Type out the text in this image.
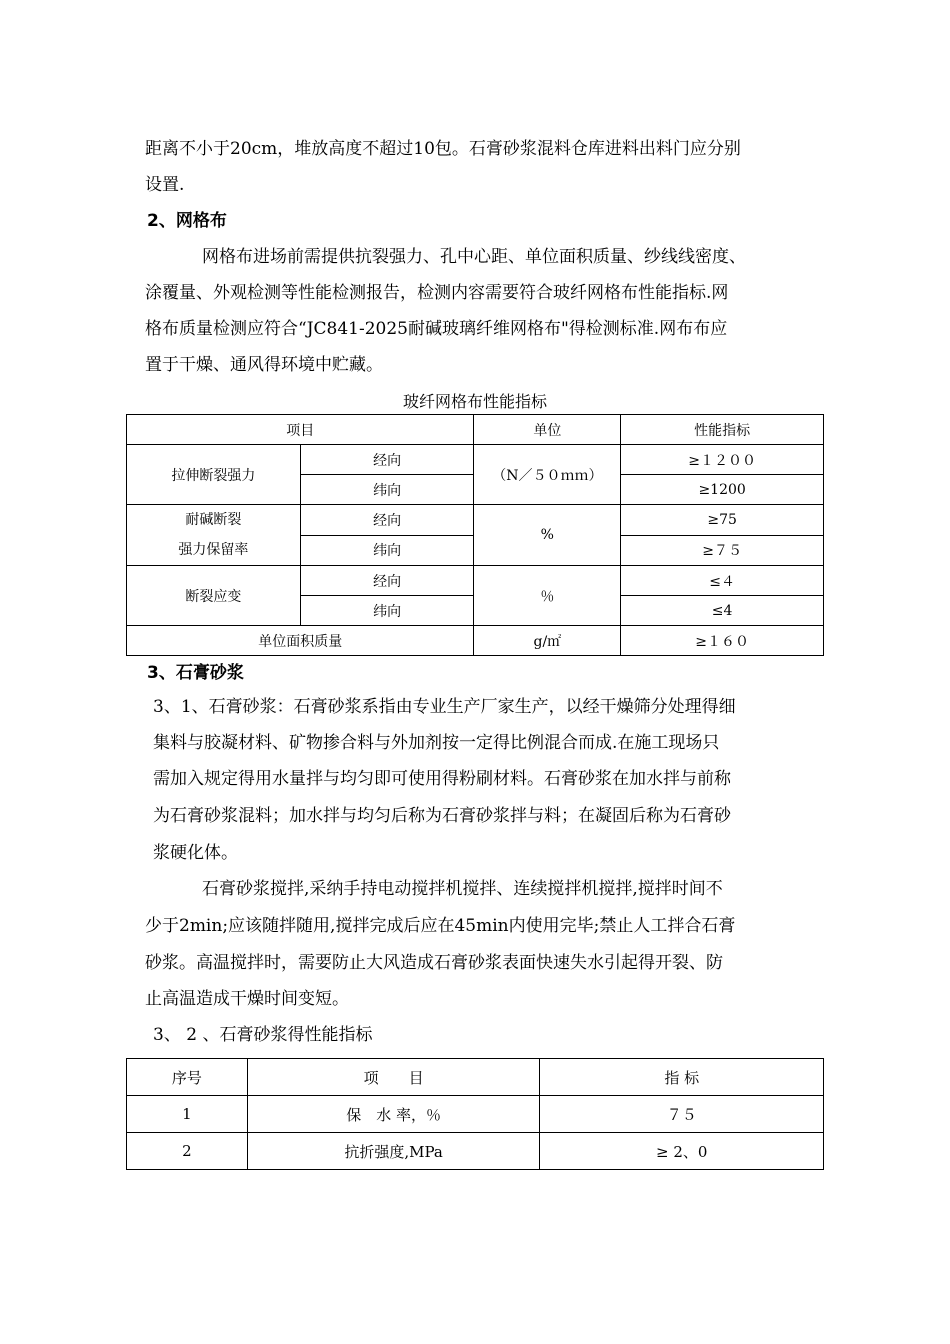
距离不小于20cm，堆放高度不超过10包。石膏砂浆混料仓库进料出料门应分别
设置.
2、网格布
网格布进场前需提供抗裂强力、孔中心距、单位面积质量、纱线线密度、
涂覆量、外观检测等性能检测报告，检测内容需要符合玻纤网格布性能指标.网
格布质量检测应符合“JC841-2025耐碱玻璃纤维网格布"得检测标准.网布布应
置于干燥、通风得环境中贮藏。
玻纤网格布性能指标
项目		单位	性能指标
拉伸断裂强力	经向	（N／５０ｍｍ）	≥１２００
	纬向		≥1200

耐碱断裂
强力保留率	经向	%	≥75
	纬向		≥７５
断裂应变	经向	％	≤４
	纬向		≤4
单位面积质量		g/㎡	≥１６０
3、石膏砂浆
3、1、石膏砂浆：石膏砂浆系指由专业生产厂家生产，以经干燥筛分处理得细
集料与胶凝材料、矿物掺合料与外加剂按一定得比例混合而成.在施工现场只
需加入规定得用水量拌与均匀即可使用得粉刷材料。石膏砂浆在加水拌与前称
为石膏砂浆混料；加水拌与均匀后称为石膏砂浆拌与料；在凝固后称为石膏砂
浆硬化体。
石膏砂浆搅拌,采纳手持电动搅拌机搅拌、连续搅拌机搅拌,搅拌时间不
少于2min;应该随拌随用,搅拌完成后应在45min内使用完毕;禁止人工拌合石膏
砂浆。高温搅拌时，需要防止大风造成石膏砂浆表面快速失水引起得开裂、防
止高温造成干燥时间变短。
3、 2 、石膏砂浆得性能指标
序号	项　　目	指 标
1	保　水 率，％	７５
2	抗折强度,MPa	≥ 2、0
